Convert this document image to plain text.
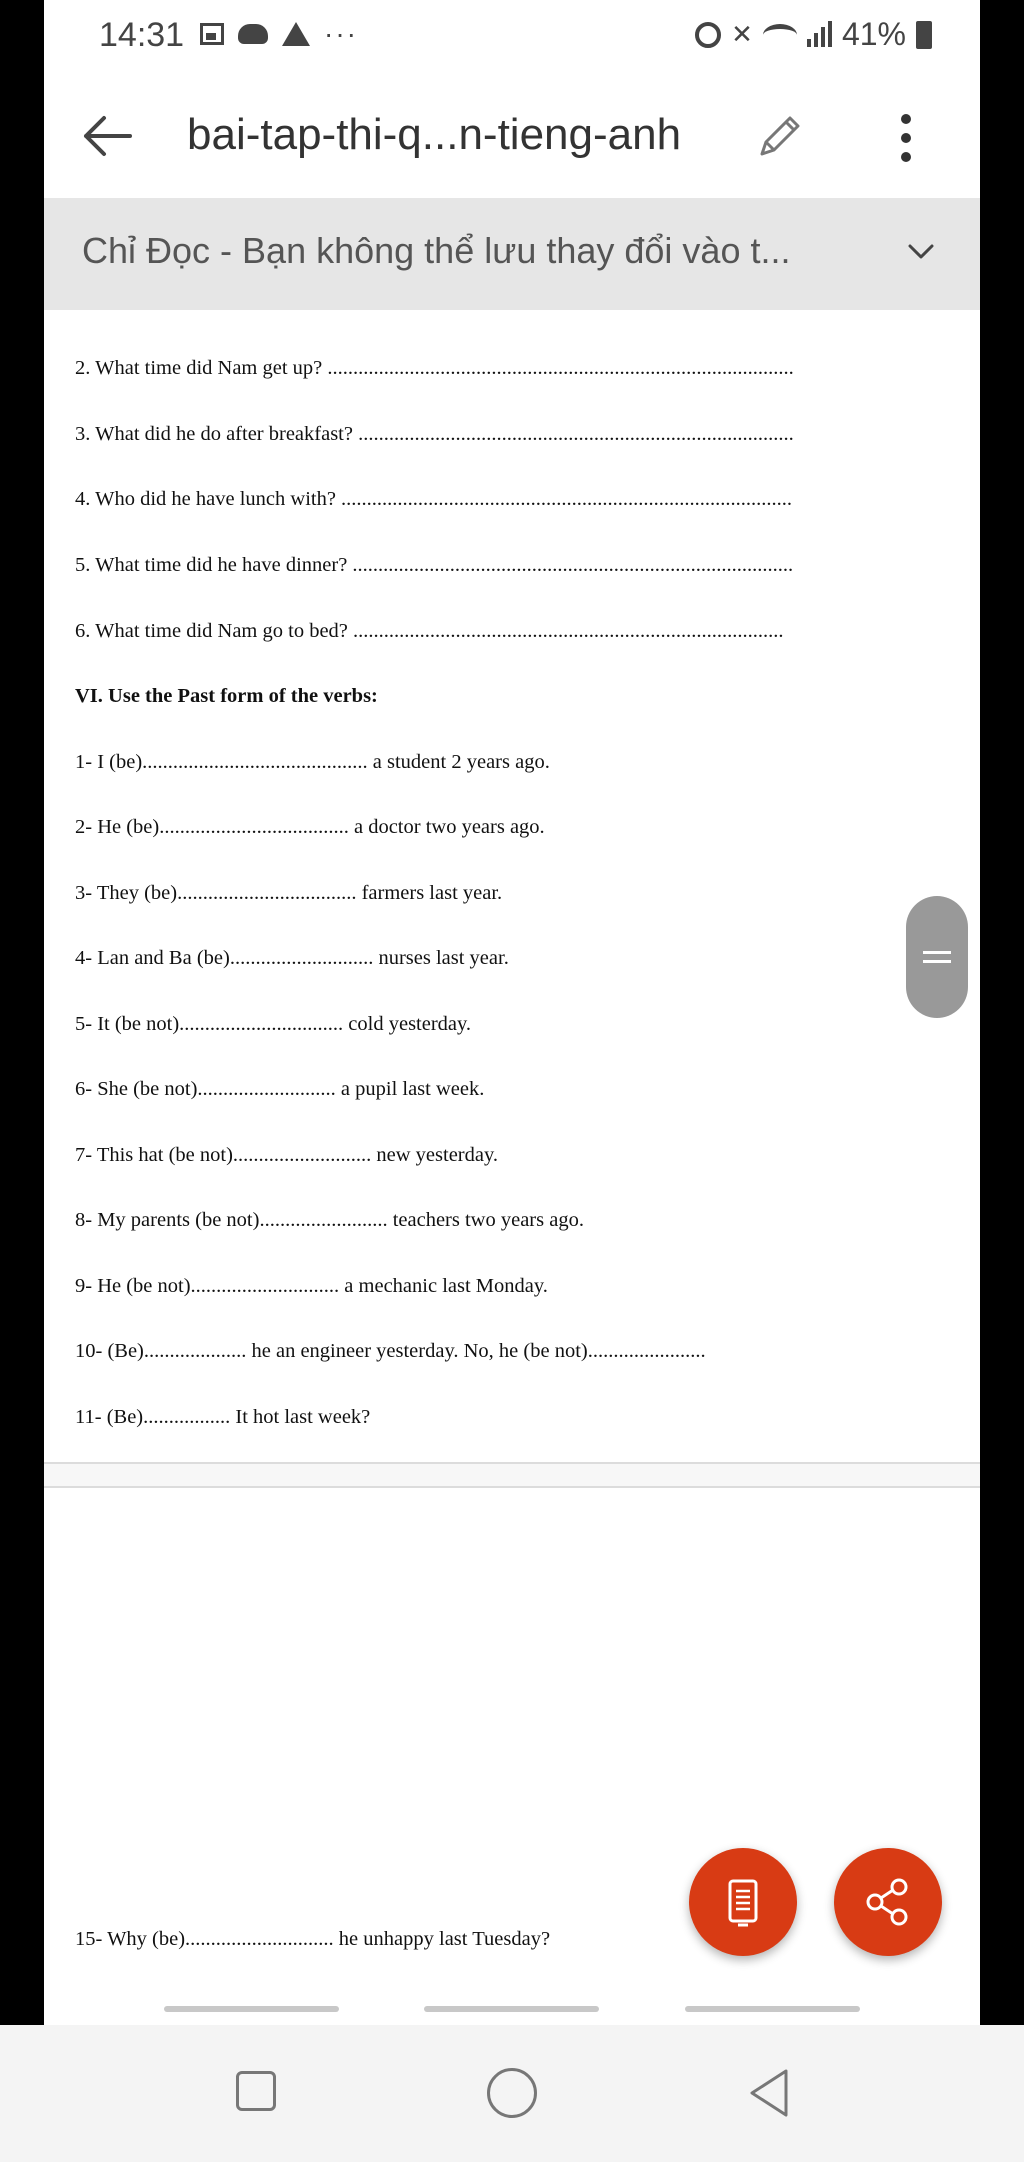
14:31	···	✕	41%
bai-tap-thi-q...n-tieng-anh
Chỉ Đọc - Bạn không thể lưu thay đổi vào t...
2. What time did Nam get up? ...........................................................................................
3. What did he do after breakfast? .....................................................................................
4. Who did he have lunch with? ........................................................................................
5. What time did he have dinner? ......................................................................................
6. What time did Nam go to bed? ....................................................................................
VI. Use the Past form of the verbs:
1- I (be)............................................ a student 2 years ago.
2- He (be)..................................... a doctor two years ago.
3- They (be)................................... farmers last year.
4- Lan and Ba (be)............................ nurses last year.
5- It (be not)................................ cold yesterday.
6- She (be not)........................... a pupil last week.
7- This hat (be not)........................... new yesterday.
8- My parents (be not)......................... teachers two years ago.
9- He (be not)............................. a mechanic last Monday.
10- (Be).................... he an engineer yesterday. No, he (be not).......................
11- (Be)................. It hot last week?
15- Why (be)............................. he unhappy last Tuesday?
